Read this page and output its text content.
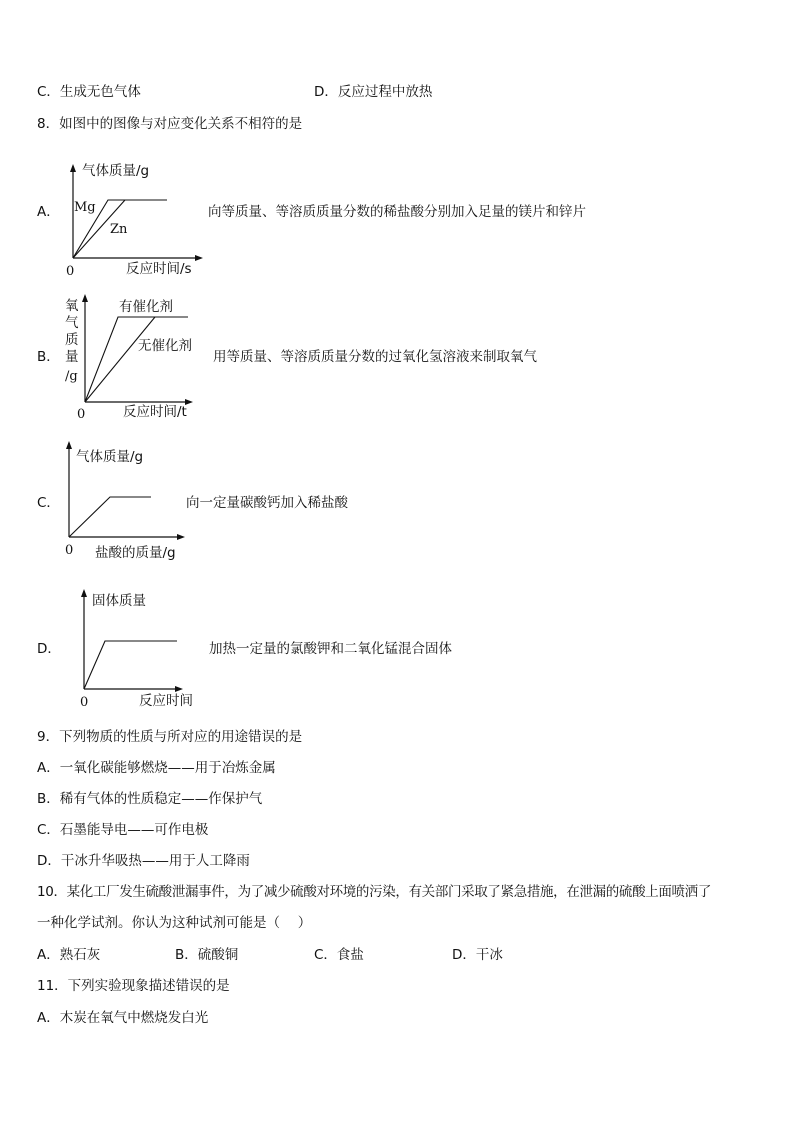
C．生成无色气体	D．反应过程中放热
8．如图中的图像与对应变化关系不相符的是
A．
气体质量/g
Mg
Zn
0	反应时间/s
向等质量、等溶质质量分数的稀盐酸分别加入足量的镁片和锌片
B．
氧
气
质
量
/g
有催化剂
无催化剂
0	反应时间/t
用等质量、等溶质质量分数的过氧化氢溶液来制取氧气
C．
气体质量/g
0 盐酸的质量/g
向一定量碳酸钙加入稀盐酸
D．
固体质量
0	反应时间
加热一定量的氯酸钾和二氧化锰混合固体
9．下列物质的性质与所对应的用途错误的是
A．一氧化碳能够燃烧——用于冶炼金属
B．稀有气体的性质稳定——作保护气
C．石墨能导电——可作电极
D．干冰升华吸热——用于人工降雨
10．某化工厂发生硫酸泄漏事件，为了减少硫酸对环境的污染，有关部门采取了紧急措施，在泄漏的硫酸上面喷洒了
一种化学试剂。你认为这种试剂可能是（　 ）
A．熟石灰	B．硫酸铜	C．食盐	D．干冰
11．下列实验现象描述错误的是
A．木炭在氧气中燃烧发白光
